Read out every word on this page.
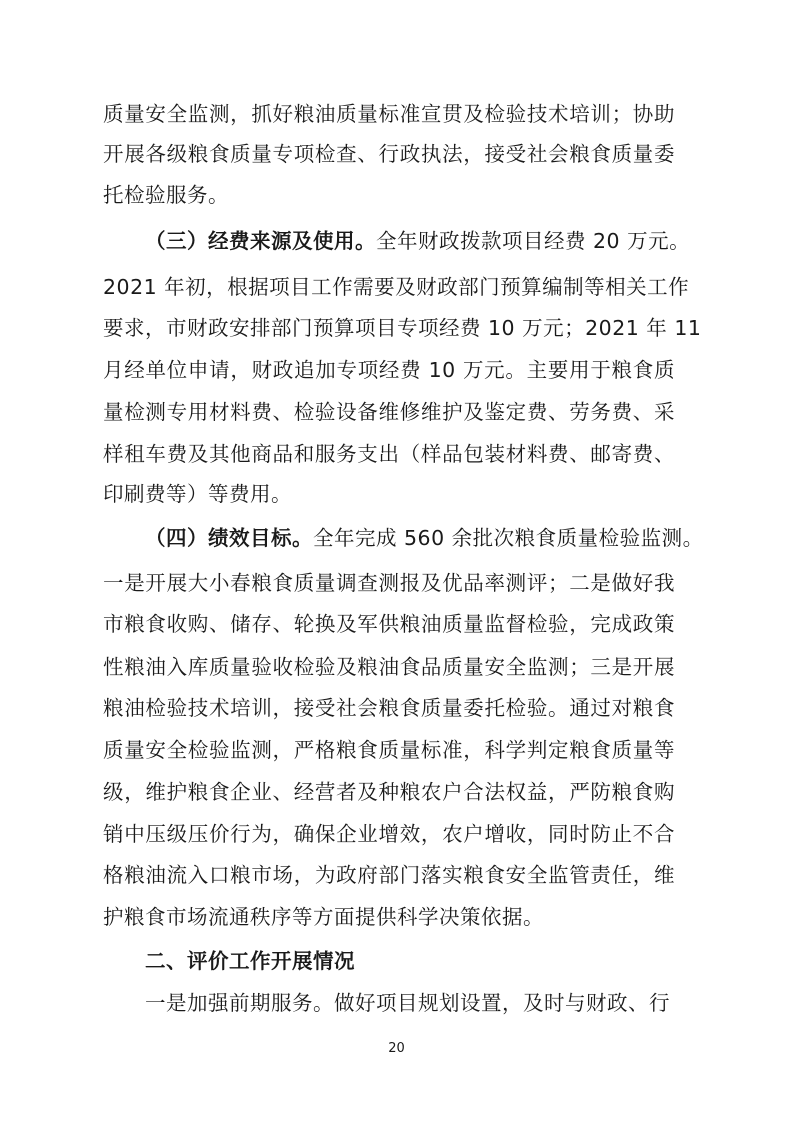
质量安全监测，抓好粮油质量标准宣贯及检验技术培训；协助
开展各级粮食质量专项检查、行政执法，接受社会粮食质量委
托检验服务。
（三）经费来源及使用。全年财政拨款项目经费 20 万元。
2021 年初，根据项目工作需要及财政部门预算编制等相关工作
要求，市财政安排部门预算项目专项经费 10 万元；2021 年 11
月经单位申请，财政追加专项经费 10 万元。主要用于粮食质
量检测专用材料费、检验设备维修维护及鉴定费、劳务费、采
样租车费及其他商品和服务支出（样品包装材料费、邮寄费、
印刷费等）等费用。
（四）绩效目标。全年完成 560 余批次粮食质量检验监测。
一是开展大小春粮食质量调查测报及优品率测评；二是做好我
市粮食收购、储存、轮换及军供粮油质量监督检验，完成政策
性粮油入库质量验收检验及粮油食品质量安全监测；三是开展
粮油检验技术培训，接受社会粮食质量委托检验。通过对粮食
质量安全检验监测，严格粮食质量标准，科学判定粮食质量等
级，维护粮食企业、经营者及种粮农户合法权益，严防粮食购
销中压级压价行为，确保企业增效，农户增收，同时防止不合
格粮油流入口粮市场，为政府部门落实粮食安全监管责任，维
护粮食市场流通秩序等方面提供科学决策依据。
二、评价工作开展情况
一是加强前期服务。做好项目规划设置，及时与财政、行
20
